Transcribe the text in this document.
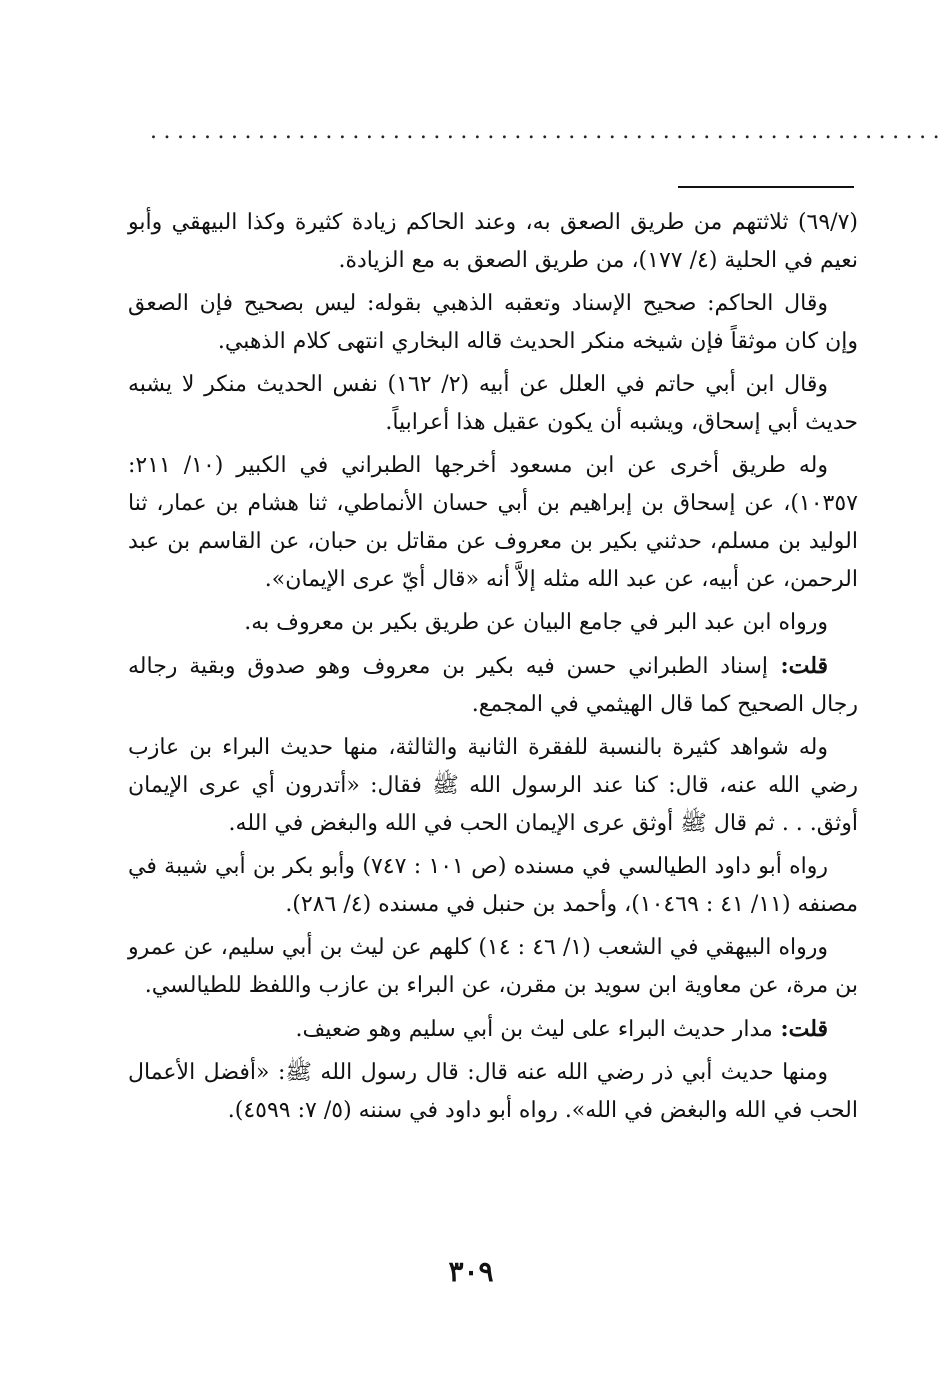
...........................................................

(٦٩/٧) ثلاثتهم من طريق الصعق به، وعند الحاكم زيادة كثيرة وكذا البيهقي وأبو نعيم في الحلية (٤/ ١٧٧)، من طريق الصعق به مع الزيادة.

وقال الحاكم: صحيح الإسناد وتعقبه الذهبي بقوله: ليس بصحيح فإن الصعق وإن كان موثقاً فإن شيخه منكر الحديث قاله البخاري انتهى كلام الذهبي.

وقال ابن أبي حاتم في العلل عن أبيه (٢/ ١٦٢) نفس الحديث منكر لا يشبه حديث أبي إسحاق، ويشبه أن يكون عقيل هذا أعرابياً.

وله طريق أخرى عن ابن مسعود أخرجها الطبراني في الكبير (١٠/ ٢١١: ١٠٣٥٧)، عن إسحاق بن إبراهيم بن أبي حسان الأنماطي، ثنا هشام بن عمار، ثنا الوليد بن مسلم، حدثني بكير بن معروف عن مقاتل بن حبان، عن القاسم بن عبد الرحمن، عن أبيه، عن عبد الله مثله إلاَّ أنه «قال أيّ عرى الإيمان».

ورواه ابن عبد البر في جامع البيان عن طريق بكير بن معروف به.

قلت: إسناد الطبراني حسن فيه بكير بن معروف وهو صدوق وبقية رجاله رجال الصحيح كما قال الهيثمي في المجمع.

وله شواهد كثيرة بالنسبة للفقرة الثانية والثالثة، منها حديث البراء بن عازب رضي الله عنه، قال: كنا عند الرسول الله ﷺ فقال: «أتدرون أي عرى الإيمان أوثق. . . ثم قال ﷺ أوثق عرى الإيمان الحب في الله والبغض في الله.

رواه أبو داود الطيالسي في مسنده (ص ١٠١ : ٧٤٧) وأبو بكر بن أبي شيبة في مصنفه (١١/ ٤١ : ١٠٤٦٩)، وأحمد بن حنبل في مسنده (٤/ ٢٨٦).

ورواه البيهقي في الشعب (١/ ٤٦ : ١٤) كلهم عن ليث بن أبي سليم، عن عمرو بن مرة، عن معاوية ابن سويد بن مقرن، عن البراء بن عازب واللفظ للطيالسي.

قلت: مدار حديث البراء على ليث بن أبي سليم وهو ضعيف.

ومنها حديث أبي ذر رضي الله عنه قال: قال رسول الله ﷺ: «أفضل الأعمال الحب في الله والبغض في الله». رواه أبو داود في سننه (٥/ ٧: ٤٥٩٩).

٣٠٩
